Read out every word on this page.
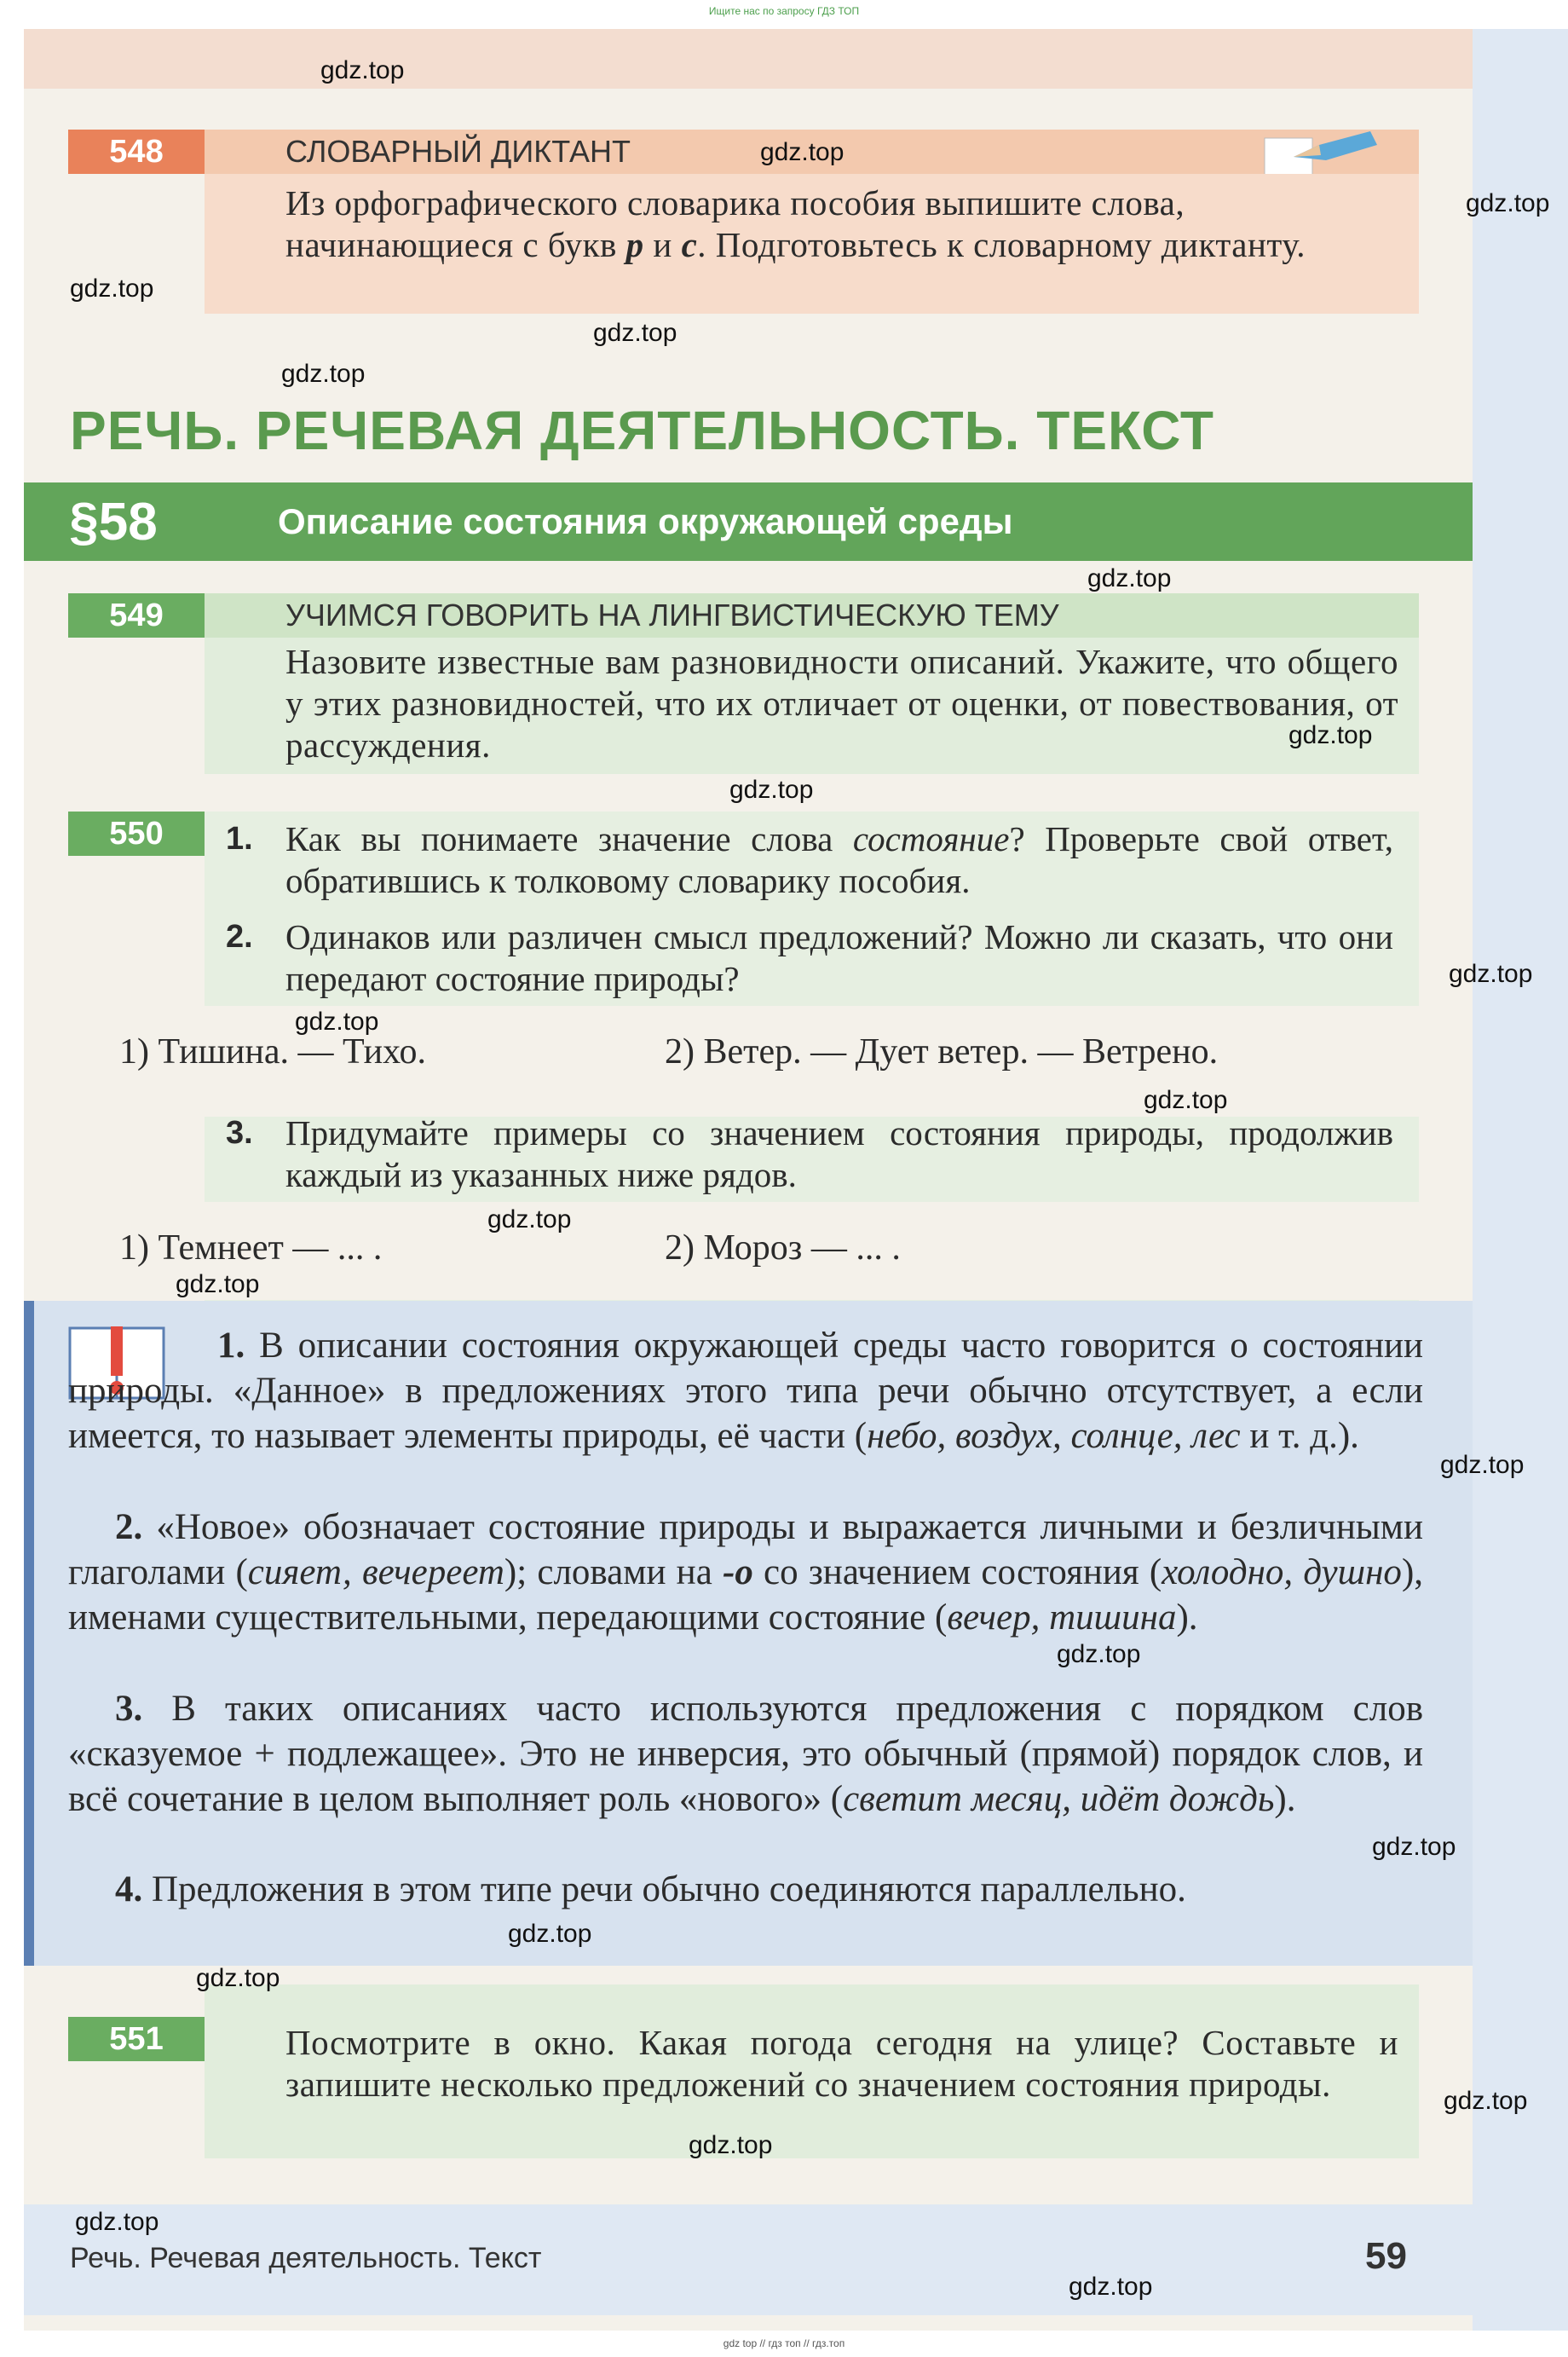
Ищите нас по запросу ГДЗ ТОП
548	СЛОВАРНЫЙ ДИКТАНТ
Из орфографического словарика пособия выпишите слова, начинающиеся с букв р и с. Подготовьтесь к словарному диктанту.
РЕЧЬ. РЕЧЕВАЯ ДЕЯТЕЛЬНОСТЬ. ТЕКСТ
§58	Описание состояния окружающей среды
549	УЧИМСЯ ГОВОРИТЬ НА ЛИНГВИСТИЧЕСКУЮ ТЕМУ
Назовите известные вам разновидности описаний. Укажите, что общего у этих разновидностей, что их отличает от оценки, от повествования, от рассуждения.
550	1. Как вы понимаете значение слова состояние? Проверьте свой ответ, обратившись к толковому словарику пособия.
2. Одинаков или различен смысл предложений? Можно ли сказать, что они передают состояние природы?
1) Тишина. — Тихо.	2) Ветер. — Дует ветер. — Ветрено.
3. Придумайте примеры со значением состояния природы, продолжив каждый из указанных ниже рядов.
1) Темнеет — ... .	2) Мороз — ... .
1. В описании состояния окружающей среды часто говорится о состоянии природы. «Данное» в предложениях этого типа речи обычно отсутствует, а если имеется, то называет элементы природы, её части (небо, воздух, солнце, лес и т. д.).
2. «Новое» обозначает состояние природы и выражается личными и безличными глаголами (сияет, вечереет); словами на -о со значением состояния (холодно, душно), именами существительными, передающими состояние (вечер, тишина).
3. В таких описаниях часто используются предложения с порядком слов «сказуемое + подлежащее». Это не инверсия, это обычный (прямой) порядок слов, и всё сочетание в целом выполняет роль «нового» (светит месяц, идёт дождь).
4. Предложения в этом типе речи обычно соединяются параллельно.
551	Посмотрите в окно. Какая погода сегодня на улице? Составьте и запишите несколько предложений со значением состояния природы.
Речь. Речевая деятельность. Текст	59
gdz top // гдз топ // гдз.топ
gdz.top
gdz.top
gdz.top
gdz.top
gdz.top
gdz.top
gdz.top
gdz.top
gdz.top
gdz.top
gdz.top
gdz.top
gdz.top
gdz.top
gdz.top
gdz.top
gdz.top
gdz.top
gdz.top
gdz.top
gdz.top
gdz.top
gdz.top
